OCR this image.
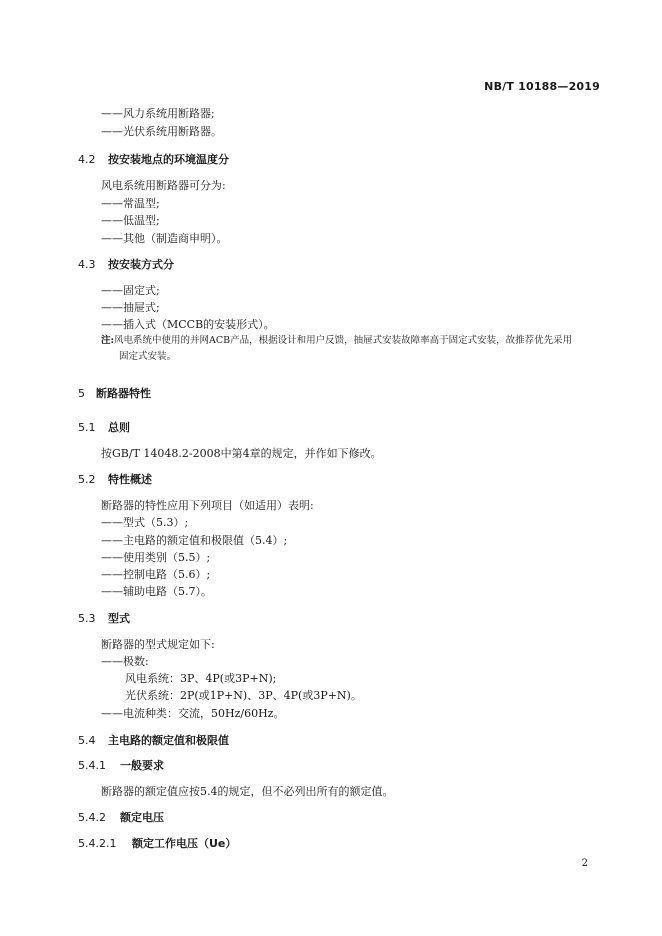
NB/T 10188—2019
——风力系统用断路器;
——光伏系统用断路器。
4.2 按安装地点的环境温度分
风电系统用断路器可分为:
——常温型;
——低温型;
——其他（制造商申明）。
4.3 按安装方式分
——固定式;
——抽屉式;
——插入式（MCCB的安装形式）。
注:风电系统中使用的并网ACB产品，根据设计和用户反馈，抽屉式安装故障率高于固定式安装，故推荐优先采用
固定式安装。
5 断路器特性
5.1 总则
按GB/T 14048.2-2008中第4章的规定，并作如下修改。
5.2 特性概述
断路器的特性应用下列项目（如适用）表明:
——型式（5.3）;
——主电路的额定值和极限值（5.4）;
——使用类别（5.5）;
——控制电路（5.6）;
——辅助电路（5.7）。
5.3 型式
断路器的型式规定如下:
——极数:
风电系统：3P、4P(或3P+N);
光伏系统：2P(或1P+N)、3P、4P(或3P+N)。
——电流种类：交流，50Hz/60Hz。
5.4 主电路的额定值和极限值
5.4.1 一般要求
断路器的额定值应按5.4的规定，但不必列出所有的额定值。
5.4.2 额定电压
5.4.2.1 额定工作电压（Ue）
2
